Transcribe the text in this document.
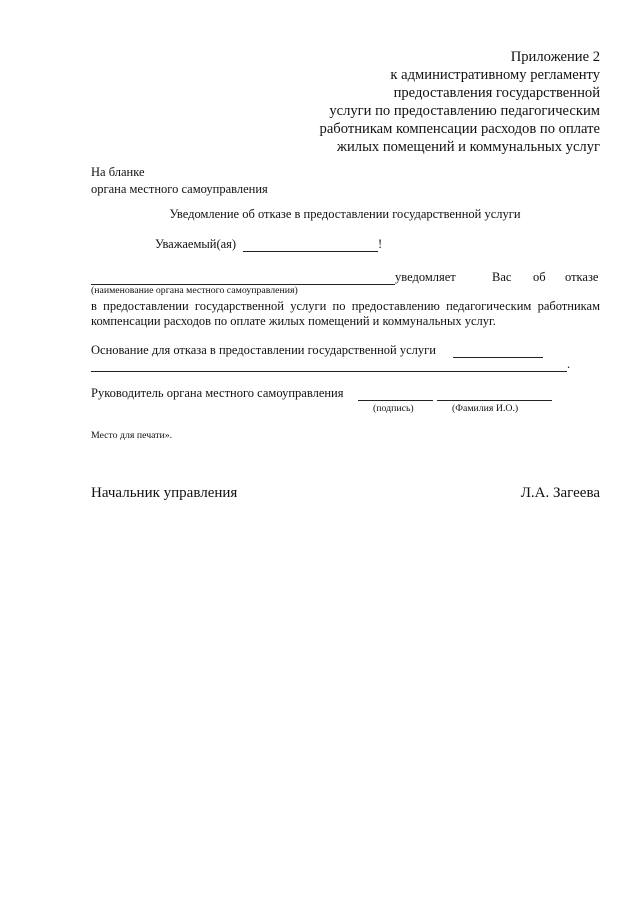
Приложение 2
к административному регламенту
предоставления государственной
услуги по предоставлению педагогическим
работникам компенсации расходов по оплате
жилых помещений и коммунальных услуг
На бланке
органа местного самоуправления
Уведомление об отказе в предоставлении государственной услуги
Уважаемый(ая)	!
уведомляет	Вас об отказе
(наименование органа местного самоуправления)
в предоставлении государственной услуги по предоставлению педагогическим работникам
компенсации расходов по оплате жилых помещений и коммунальных услуг.
Основание для отказа в предоставлении государственной услуги
.
Руководитель органа местного самоуправления
(подпись)	(Фамилия И.О.)
Место для печати».
Начальник управления	Л.А. Загеева
